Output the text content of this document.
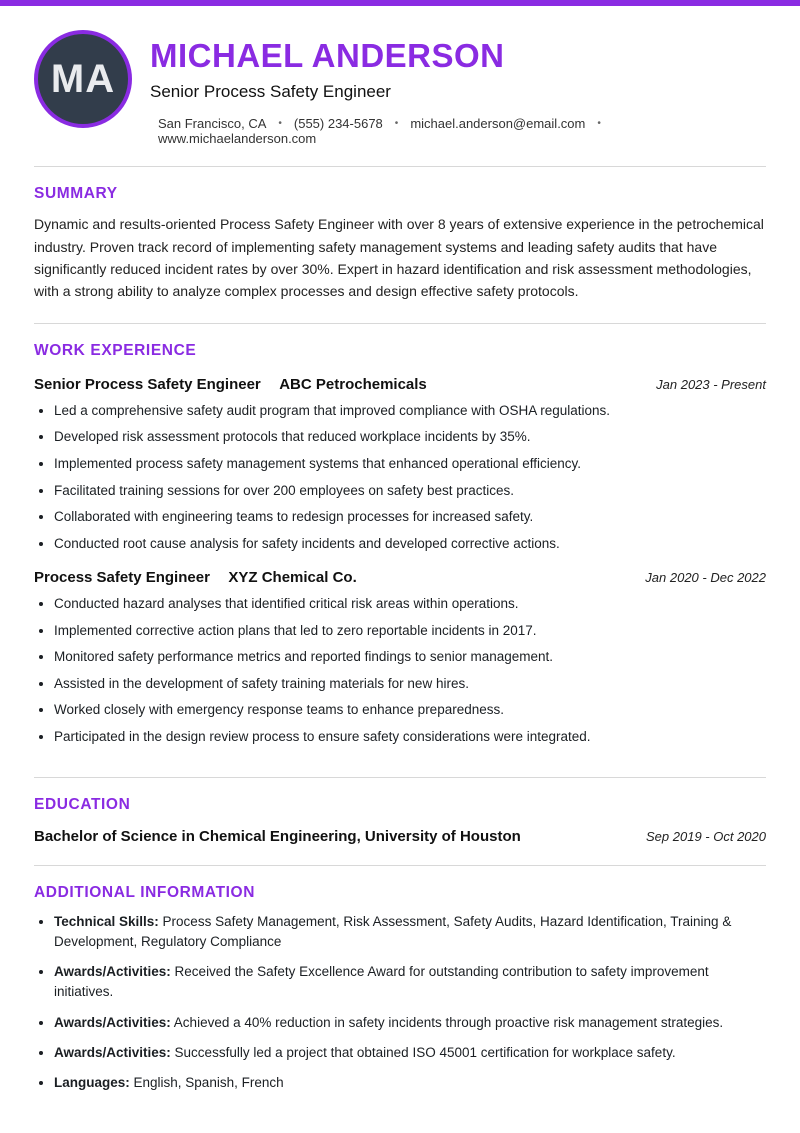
MA
MICHAEL ANDERSON

Senior Process Safety Engineer

San Francisco, CA • (555) 234-5678 • michael.anderson@email.com •
www.michaelanderson.com
SUMMARY

Dynamic and results-oriented Process Safety Engineer with over 8 years of extensive experience in the petrochemical industry. Proven track record of implementing safety management systems and leading safety audits that have significantly reduced incident rates by over 30%. Expert in hazard identification and risk assessment methodologies, with a strong ability to analyze complex processes and design effective safety protocols.

WORK EXPERIENCE
Senior Process Safety Engineer ABC Petrochemicals	Jan 2023 - Present
• Led a comprehensive safety audit program that improved compliance with OSHA regulations.
• Developed risk assessment protocols that reduced workplace incidents by 35%.
• Implemented process safety management systems that enhanced operational efficiency.
• Facilitated training sessions for over 200 employees on safety best practices.
• Collaborated with engineering teams to redesign processes for increased safety.
• Conducted root cause analysis for safety incidents and developed corrective actions.
Process Safety Engineer XYZ Chemical Co.	Jan 2020 - Dec 2022
• Conducted hazard analyses that identified critical risk areas within operations.
• Implemented corrective action plans that led to zero reportable incidents in 2017.
• Monitored safety performance metrics and reported findings to senior management.
• Assisted in the development of safety training materials for new hires.
• Worked closely with emergency response teams to enhance preparedness.
• Participated in the design review process to ensure safety considerations were integrated.
EDUCATION
Bachelor of Science in Chemical Engineering, University of Houston	Sep 2019 - Oct 2020
ADDITIONAL INFORMATION
• Technical Skills: Process Safety Management, Risk Assessment, Safety Audits, Hazard Identification, Training & Development, Regulatory Compliance
• Awards/Activities: Received the Safety Excellence Award for outstanding contribution to safety improvement initiatives.
• Awards/Activities: Achieved a 40% reduction in safety incidents through proactive risk management strategies.
• Awards/Activities: Successfully led a project that obtained ISO 45001 certification for workplace safety.
• Languages: English, Spanish, French
